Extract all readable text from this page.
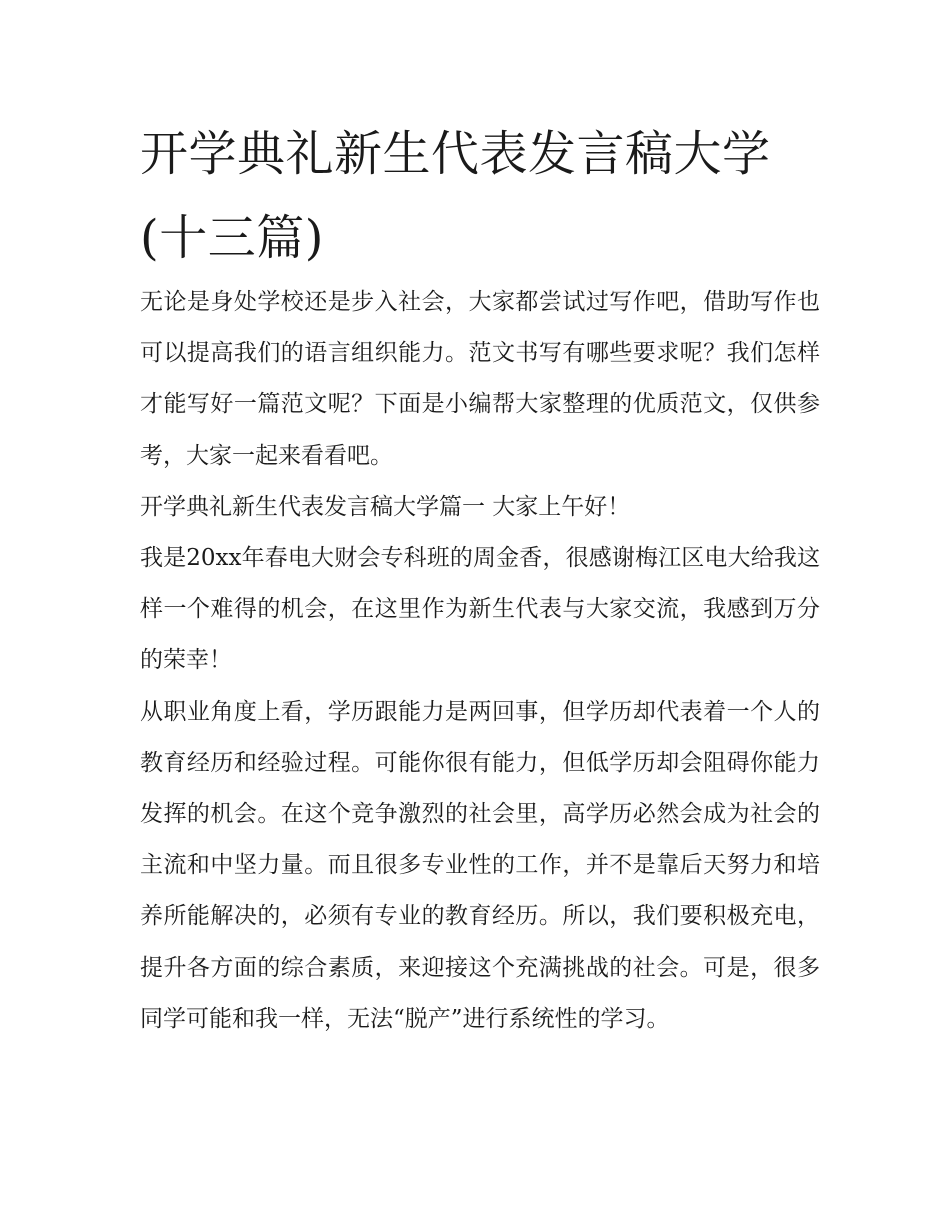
开学典礼新生代表发言稿大学(十三篇)

无论是身处学校还是步入社会，大家都尝试过写作吧，借助写作也可以提高我们的语言组织能力。范文书写有哪些要求呢？我们怎样才能写好一篇范文呢？下面是小编帮大家整理的优质范文，仅供参考，大家一起来看看吧。

开学典礼新生代表发言稿大学篇一 大家上午好！

我是20xx年春电大财会专科班的周金香，很感谢梅江区电大给我这样一个难得的机会，在这里作为新生代表与大家交流，我感到万分的荣幸！

从职业角度上看，学历跟能力是两回事，但学历却代表着一个人的教育经历和经验过程。可能你很有能力，但低学历却会阻碍你能力发挥的机会。在这个竞争激烈的社会里，高学历必然会成为社会的主流和中坚力量。而且很多专业性的工作，并不是靠后天努力和培养所能解决的，必须有专业的教育经历。所以，我们要积极充电，提升各方面的综合素质，来迎接这个充满挑战的社会。可是，很多同学可能和我一样，无法“脱产”进行系统性的学习。
